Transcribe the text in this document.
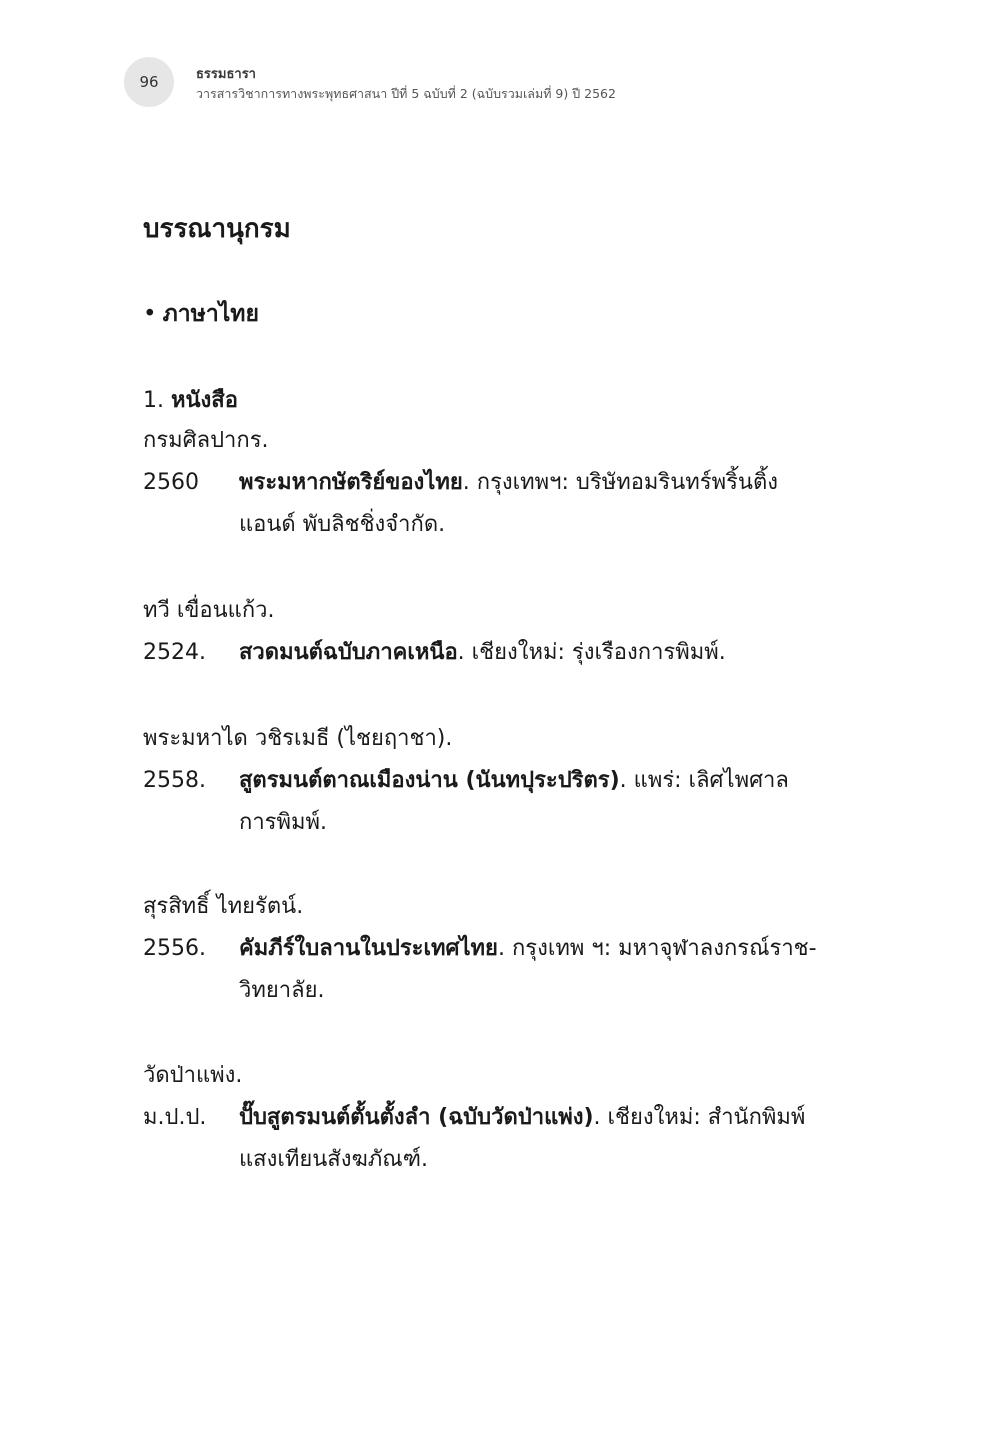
96	ธรรมธารา
วารสารวิชาการทางพระพุทธศาสนา ปีที่ 5 ฉบับที่ 2 (ฉบับรวมเล่มที่ 9) ปี 2562
บรรณานุกรม
• ภาษาไทย
1. หนังสือ
กรมศิลปากร.
2560	พระมหากษัตริย์ของไทย. กรุงเทพฯ: บริษัทอมรินทร์พริ้นติ้ง
แอนด์ พับลิชชิ่งจำกัด.
ทวี เขื่อนแก้ว.
2524.	สวดมนต์ฉบับภาคเหนือ. เชียงใหม่: รุ่งเรืองการพิมพ์.
พระมหาได วชิรเมธี (ไชยฤาชา).
2558.	สูตรมนต์ตาณเมืองน่าน (นันทปุระปริตร). แพร่: เลิศไพศาล
การพิมพ์.
สุรสิทธิ์ ไทยรัตน์.
2556.	คัมภีร์ใบลานในประเทศไทย. กรุงเทพ ฯ: มหาจุฬาลงกรณ์ราช-
วิทยาลัย.
วัดป่าแพ่ง.
ม.ป.ป.	ปั๊บสูตรมนต์ตั้นตั้งลำ (ฉบับวัดป่าแพ่ง). เชียงใหม่: สำนักพิมพ์
แสงเทียนสังฆภัณฑ์.
